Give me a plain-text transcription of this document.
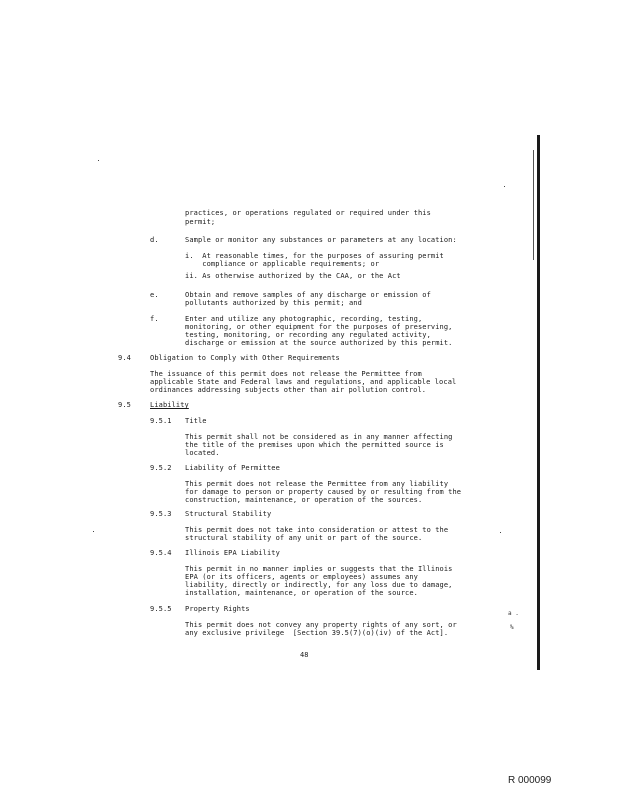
practices, or operations regulated or required under this
permit;
d.	Sample or monitor any substances or parameters at any location:
i.  At reasonable times, for the purposes of assuring permit
compliance or applicable requirements; or
ii. As otherwise authorized by the CAA, or the Act
e.	Obtain and remove samples of any discharge or emission of
pollutants authorized by this permit; and
f.	Enter and utilize any photographic, recording, testing,
monitoring, or other equipment for the purposes of preserving,
testing, monitoring, or recording any regulated activity,
discharge or emission at the source authorized by this permit.
9.4	Obligation to Comply with Other Requirements
The issuance of this permit does not release the Permittee from
applicable State and Federal laws and regulations, and applicable local
ordinances addressing subjects other than air pollution control.
9.5	Liability
9.5.1 Title
This permit shall not be considered as in any manner affecting
the title of the premises upon which the permitted source is
located.
9.5.2 Liability of Permittee
This permit does not release the Permittee from any liability
for damage to person or property caused by or resulting from the
construction, maintenance, or operation of the sources.
9.5.3 Structural Stability
This permit does not take into consideration or attest to the
structural stability of any unit or part of the source.
9.5.4 Illinois EPA Liability
This permit in no manner implies or suggests that the Illinois
EPA (or its officers, agents or employees) assumes any
liability, directly or indirectly, for any loss due to damage,
installation, maintenance, or operation of the source.
9.5.5 Property Rights
This permit does not convey any property rights of any sort, or
any exclusive privilege  [Section 39.5(7)(o)(iv) of the Act].
a .
%
48
R 000099
